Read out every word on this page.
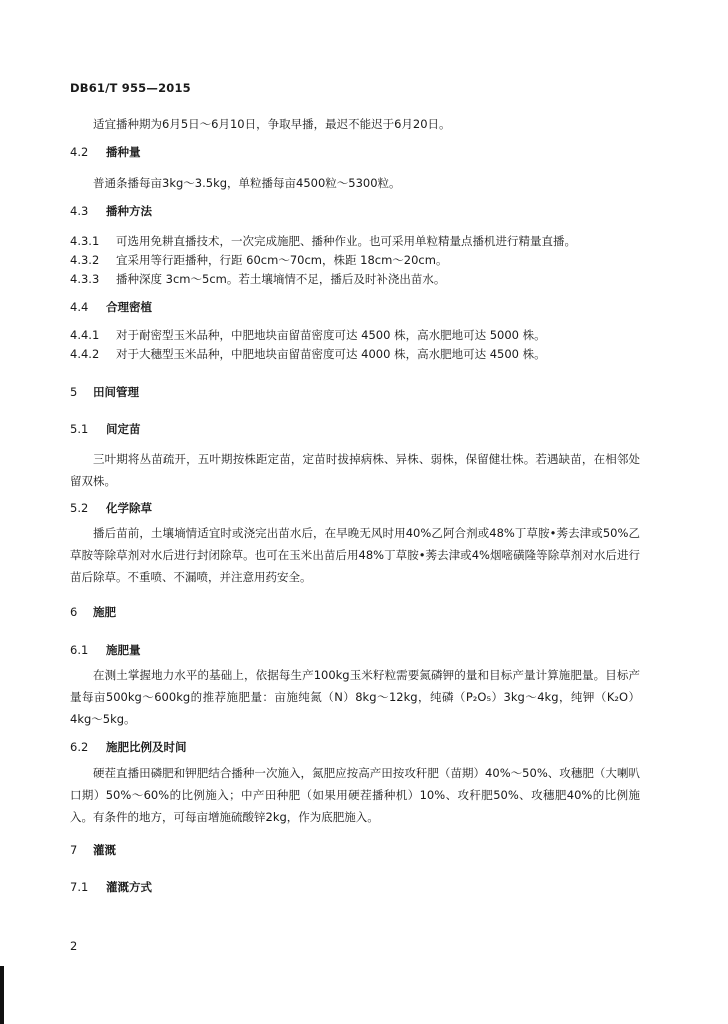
DB61/T 955—2015
适宜播种期为6月5日～6月10日，争取早播，最迟不能迟于6月20日。
4.2 播种量
普通条播每亩3kg～3.5kg，单粒播每亩4500粒～5300粒。
4.3 播种方法
4.3.1 可选用免耕直播技术，一次完成施肥、播种作业。也可采用单粒精量点播机进行精量直播。
4.3.2 宜采用等行距播种，行距 60cm～70cm，株距 18cm～20cm。
4.3.3 播种深度 3cm～5cm。若土壤墒情不足，播后及时补浇出苗水。
4.4 合理密植
4.4.1 对于耐密型玉米品种，中肥地块亩留苗密度可达 4500 株，高水肥地可达 5000 株。
4.4.2 对于大穗型玉米品种，中肥地块亩留苗密度可达 4000 株，高水肥地可达 4500 株。
5 田间管理
5.1 间定苗
三叶期将丛苗疏开，五叶期按株距定苗，定苗时拔掉病株、异株、弱株，保留健壮株。若遇缺苗，在相邻处留双株。
5.2 化学除草
播后苗前，土壤墒情适宜时或浇完出苗水后，在早晚无风时用40%乙阿合剂或48%丁草胺•莠去津或50%乙草胺等除草剂对水后进行封闭除草。也可在玉米出苗后用48%丁草胺•莠去津或4%烟嘧磺隆等除草剂对水后进行苗后除草。不重喷、不漏喷，并注意用药安全。
6 施肥
6.1 施肥量
在测土掌握地力水平的基础上，依据每生产100kg玉米籽粒需要氮磷钾的量和目标产量计算施肥量。目标产量每亩500kg～600kg的推荐施肥量：亩施纯氮（N）8kg～12kg，纯磷（P₂O₅）3kg～4kg，纯钾（K₂O）4kg～5kg。
6.2 施肥比例及时间
硬茬直播田磷肥和钾肥结合播种一次施入，氮肥应按高产田按攻秆肥（苗期）40%～50%、攻穗肥（大喇叭口期）50%～60%的比例施入；中产田种肥（如果用硬茬播种机）10%、攻秆肥50%、攻穗肥40%的比例施入。有条件的地方，可每亩增施硫酸锌2kg，作为底肥施入。
7 灌溉
7.1 灌溉方式
2
